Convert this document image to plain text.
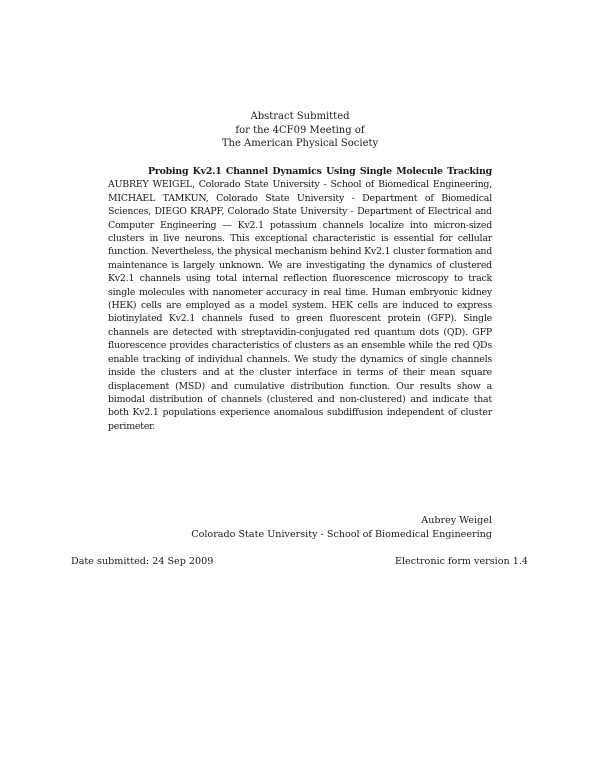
Abstract Submitted
for the 4CF09 Meeting of
The American Physical Society
Probing Kv2.1 Channel Dynamics Using Single Molecule Tracking AUBREY WEIGEL, Colorado State University - School of Biomedical Engineering, MICHAEL TAMKUN, Colorado State University - Department of Biomedical Sciences, DIEGO KRAPF, Colorado State University - Department of Electrical and Computer Engineering — Kv2.1 potassium channels localize into micron-sized clusters in live neurons. This exceptional characteristic is essential for cellular function. Nevertheless, the physical mechanism behind Kv2.1 cluster formation and maintenance is largely unknown. We are investigating the dynamics of clustered Kv2.1 channels using total internal reflection fluorescence microscopy to track single molecules with nanometer accuracy in real time. Human embryonic kidney (HEK) cells are employed as a model system. HEK cells are induced to express biotinylated Kv2.1 channels fused to green fluorescent protein (GFP). Single channels are detected with streptavidin-conjugated red quantum dots (QD). GFP fluorescence provides characteristics of clusters as an ensemble while the red QDs enable tracking of individual channels. We study the dynamics of single channels inside the clusters and at the cluster interface in terms of their mean square displacement (MSD) and cumulative distribution function. Our results show a bimodal distribution of channels (clustered and non-clustered) and indicate that both Kv2.1 populations experience anomalous subdiffusion independent of cluster perimeter.
Aubrey Weigel
Colorado State University - School of Biomedical Engineering
Date submitted: 24 Sep 2009	Electronic form version 1.4
